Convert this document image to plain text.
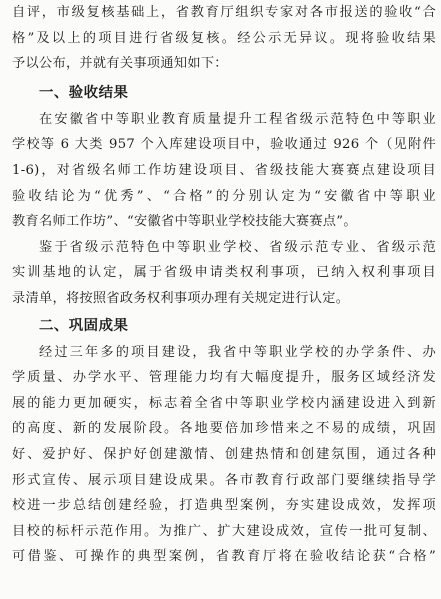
自评，市级复核基础上，省教育厅组织专家对各市报送的验收“合
格”及以上的项目进行省级复核。经公示无异议。现将验收结果
予以公布，并就有关事项通知如下：
一、验收结果
在安徽省中等职业教育质量提升工程省级示范特色中等职业
学校等 6 大类 957 个入库建设项目中，验收通过 926 个（见附件
1-6)，对省级名师工作坊建设项目、省级技能大赛赛点建设项目
验收结论为“优秀”、“合格”的分别认定为“安徽省中等职业
教育名师工作坊”、“安徽省中等职业学校技能大赛赛点”。
鉴于省级示范特色中等职业学校、省级示范专业、省级示范
实训基地的认定，属于省级申请类权利事项，已纳入权利事项目
录清单，将按照省政务权利事项办理有关规定进行认定。
二、巩固成果
经过三年多的项目建设，我省中等职业学校的办学条件、办
学质量、办学水平、管理能力均有大幅度提升，服务区域经济发
展的能力更加硬实，标志着全省中等职业学校内涵建设进入到新
的高度、新的发展阶段。各地要倍加珍惜来之不易的成绩，巩固
好、爱护好、保护好创建激情、创建热情和创建氛围，通过各种
形式宣传、展示项目建设成果。各市教育行政部门要继续指导学
校进一步总结创建经验，打造典型案例，夯实建设成效，发挥项
目校的标杆示范作用。为推广、扩大建设成效，宣传一批可复制、
可借鉴、可操作的典型案例，省教育厅将在验收结论获“合格”
